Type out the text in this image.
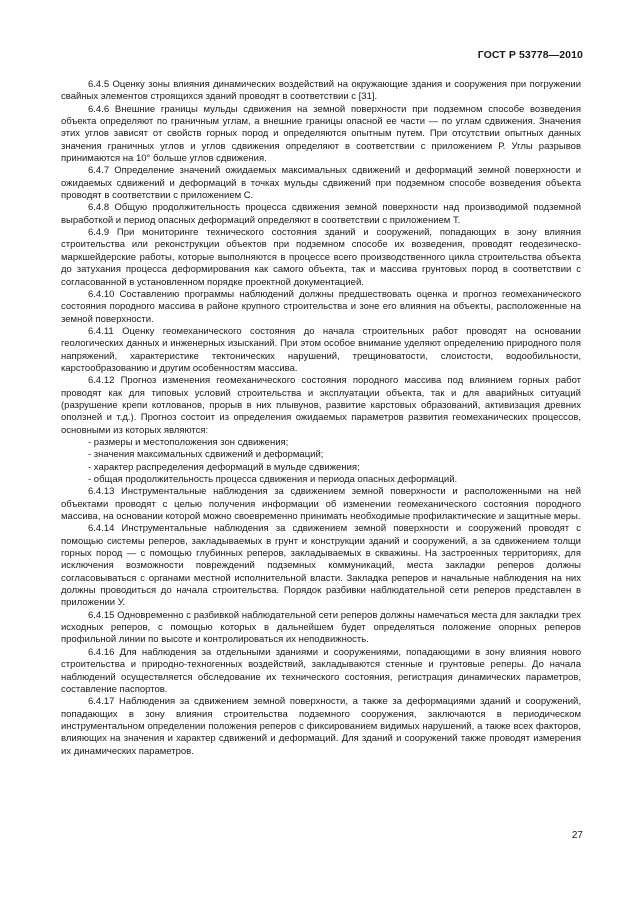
ГОСТ Р 53778—2010

6.4.5 Оценку зоны влияния динамических воздействий на окружающие здания и сооружения при погружении свайных элементов строящихся зданий проводят в соответствии с [31].

6.4.6 Внешние границы мульды сдвижения на земной поверхности при подземном способе возведения объекта определяют по граничным углам, а внешние границы опасной ее части — по углам сдвижения. Значения этих углов зависят от свойств горных пород и определяются опытным путем. При отсутствии опытных данных значения граничных углов и углов сдвижения определяют в соответствии с приложением Р. Углы разрывов принимаются на 10° больше углов сдвижения.

6.4.7 Определение значений ожидаемых максимальных сдвижений и деформаций земной поверхности и ожидаемых сдвижений и деформаций в точках мульды сдвижений при подземном способе возведения объекта проводят в соответствии с приложением С.

6.4.8 Общую продолжительность процесса сдвижения земной поверхности над производимой подземной выработкой и период опасных деформаций определяют в соответствии с приложением Т.

6.4.9 При мониторинге технического состояния зданий и сооружений, попадающих в зону влияния строительства или реконструкции объектов при подземном способе их возведения, проводят геодезическо-маркшейдерские работы, которые выполняются в процессе всего производственного цикла строительства объекта до затухания процесса деформирования как самого объекта, так и массива грунтовых пород в соответствии с согласованной в установленном порядке проектной документацией.

6.4.10 Составлению программы наблюдений должны предшествовать оценка и прогноз геомеханического состояния породного массива в районе крупного строительства и зоне его влияния на объекты, расположенные на земной поверхности.

6.4.11 Оценку геомеханического состояния до начала строительных работ проводят на основании геологических данных и инженерных изысканий. При этом особое внимание уделяют определению природного поля напряжений, характеристике тектонических нарушений, трещиноватости, слоистости, водообильности, карстообразованию и другим особенностям массива.

6.4.12 Прогноз изменения геомеханического состояния породного массива под влиянием горных работ проводят как для типовых условий строительства и эксплуатации объекта, так и для аварийных ситуаций (разрушение крепи котлованов, прорыв в них плывунов, развитие карстовых образований, активизация древних оползней и т.д.). Прогноз состоит из определения ожидаемых параметров развития геомеханических процессов, основными из которых являются:

- размеры и местоположения зон сдвижения;

- значения максимальных сдвижений и деформаций;

- характер распределения деформаций в мульде сдвижения;

- общая продолжительность процесса сдвижения и периода опасных деформаций.

6.4.13 Инструментальные наблюдения за сдвижением земной поверхности и расположенными на ней объектами проводят с целью получения информации об изменении геомеханического состояния породного массива, на основании которой можно своевременно принимать необходимые профилактические и защитные меры.

6.4.14 Инструментальные наблюдения за сдвижением земной поверхности и сооружений проводят с помощью системы реперов, закладываемых в грунт и конструкции зданий и сооружений, а за сдвижением толщи горных пород — с помощью глубинных реперов, закладываемых в скважины. На застроенных территориях, для исключения возможности повреждений подземных коммуникаций, места закладки реперов должны согласовываться с органами местной исполнительной власти. Закладка реперов и начальные наблюдения на них должны проводиться до начала строительства. Порядок разбивки наблюдательной сети реперов представлен в приложении У.

6.4.15 Одновременно с разбивкой наблюдательной сети реперов должны намечаться места для закладки трех исходных реперов, с помощью которых в дальнейшем будет определяться положение опорных реперов профильной линии по высоте и контролироваться их неподвижность.

6.4.16 Для наблюдения за отдельными зданиями и сооружениями, попадающими в зону влияния нового строительства и природно-техногенных воздействий, закладываются стенные и грунтовые реперы. До начала наблюдений осуществляется обследование их технического состояния, регистрация динамических параметров, составление паспортов.

6.4.17 Наблюдения за сдвижением земной поверхности, а также за деформациями зданий и сооружений, попадающих в зону влияния строительства подземного сооружения, заключаются в периодическом инструментальном определении положения реперов с фиксированием видимых нарушений, а также всех факторов, влияющих на значения и характер сдвижений и деформаций. Для зданий и сооружений также проводят измерения их динамических параметров.

27
